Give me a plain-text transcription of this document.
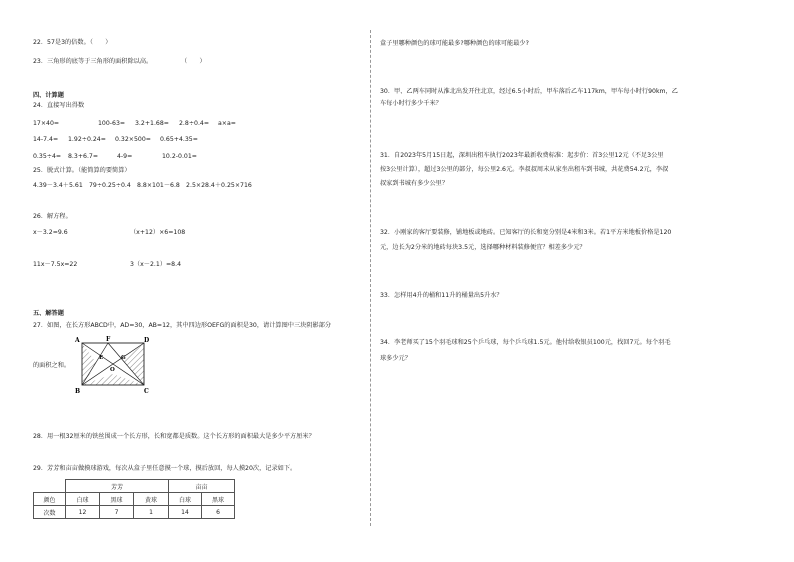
22．57是3的倍数。（　　）
23．三角形的底等于三角形的面积除以高。	（　　）
四、计算题
24．直接写出得数
17×40=	100-63= 3.2+1.68= 2.8÷0.4= a×a=
14-7.4= 1.92÷0.24= 0.32×500= 0.65+4.35=
0.35÷4= 8.3+6.7=	4-9=	10.2-0.01=
25．脱式计算。（能简算的要简算）
4.39－3.4＋5.61　79÷0.25÷0.4　8.8×101－6.8　2.5×28.4＋0.25×716
26．解方程。
x－3.2=9.6	（x+12）×6=108
11x－7.5x=22	3（x－2.1）=8.4
五、解答题
27．如图，在长方形ABCD中，AD=30，AB=12，其中四边形OEFG的面积是30，请计算图中三块阴影部分
的面积之和。
A	F	D
B	C
E	G
O
28．用一根32厘米的铁丝围成一个长方形，长和宽都是质数。这个长方形的面积最大是多少平方厘米？
29．芳芳和亩亩做摸球游戏，每次从盒子里任意摸一个球，摸后放回，每人摸20次，记录如下。
	芳芳			亩亩	
颜色	白球	黑球	黄球	白球	黑球
次数	12	7	1	14	6
盒子里哪种颜色的球可能最多?哪种颜色的球可能最少?
30．甲、乙两车同时从淮北出发开往北京，经过6.5小时后，甲车落后乙车117km，甲车每小时行90km，乙
车每小时行多少千米？
31．自2023年5月15日起，深圳出租车执行2023年最新收费标准：起步价：首3公里12元（不足3公里
按3公里计算），超过3公里的部分，每公里2.6元。李叔叔周末从家坐出租车到书城，共花费54.2元，李叔
叔家到书城有多少公里？
32．小刚家的客厅要装修，铺地板或地砖。已知客厅的长和宽分别是4米和3米。若1平方米地板价格是120
元，边长为2分米的地砖每块3.5元，选择哪种材料装修便宜？相差多少元？
33．怎样用4升的桶和11升的桶量出5升水？
34．李老师买了15个羽毛球和25个乒乓球，每个乒乓球1.5元。他付给收银员100元，找回7元。每个羽毛
球多少元？
